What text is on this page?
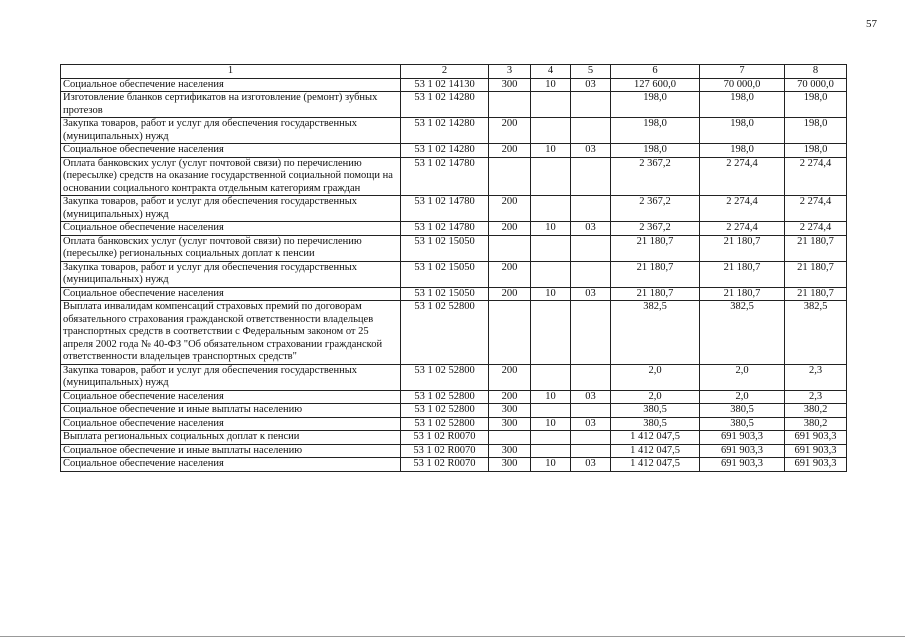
57
1	2	3	4	5	6	7	8
Социальное обеспечение населения	53 1 02 14130	300	10	03	127 600,0	70 000,0	70 000,0
Изготовление бланков сертификатов на изготовление (ремонт) зубных протезов	53 1 02 14280				198,0	198,0	198,0
Закупка товаров, работ и услуг для обеспечения государственных (муниципальных) нужд	53 1 02 14280	200			198,0	198,0	198,0
Социальное обеспечение населения	53 1 02 14280	200	10	03	198,0	198,0	198,0
Оплата банковских услуг (услуг почтовой связи) по перечислению (пересылке) средств на оказание государственной социальной помощи на основании социального контракта отдельным категориям граждан	53 1 02 14780				2 367,2	2 274,4	2 274,4
Закупка товаров, работ и услуг для обеспечения государственных (муниципальных) нужд	53 1 02 14780	200			2 367,2	2 274,4	2 274,4
Социальное обеспечение населения	53 1 02 14780	200	10	03	2 367,2	2 274,4	2 274,4
Оплата банковских услуг (услуг почтовой связи) по перечислению (пересылке) региональных социальных доплат к пенсии	53 1 02 15050				21 180,7	21 180,7	21 180,7
Закупка товаров, работ и услуг для обеспечения государственных (муниципальных) нужд	53 1 02 15050	200			21 180,7	21 180,7	21 180,7
Социальное обеспечение населения	53 1 02 15050	200	10	03	21 180,7	21 180,7	21 180,7
Выплата инвалидам компенсаций страховых премий по договорам обязательного страхования гражданской ответственности владельцев транспортных средств в соответствии с Федеральным законом от 25 апреля 2002 года № 40-ФЗ "Об обязательном страховании гражданской ответственности владельцев транспортных средств"	53 1 02 52800				382,5	382,5	382,5
Закупка товаров, работ и услуг для обеспечения государственных (муниципальных) нужд	53 1 02 52800	200			2,0	2,0	2,3
Социальное обеспечение населения	53 1 02 52800	200	10	03	2,0	2,0	2,3
Социальное обеспечение и иные выплаты населению	53 1 02 52800	300			380,5	380,5	380,2
Социальное обеспечение населения	53 1 02 52800	300	10	03	380,5	380,5	380,2
Выплата региональных социальных доплат к пенсии	53 1 02 R0070				1 412 047,5	691 903,3	691 903,3
Социальное обеспечение и иные выплаты населению	53 1 02 R0070	300			1 412 047,5	691 903,3	691 903,3
Социальное обеспечение населения	53 1 02 R0070	300	10	03	1 412 047,5	691 903,3	691 903,3
